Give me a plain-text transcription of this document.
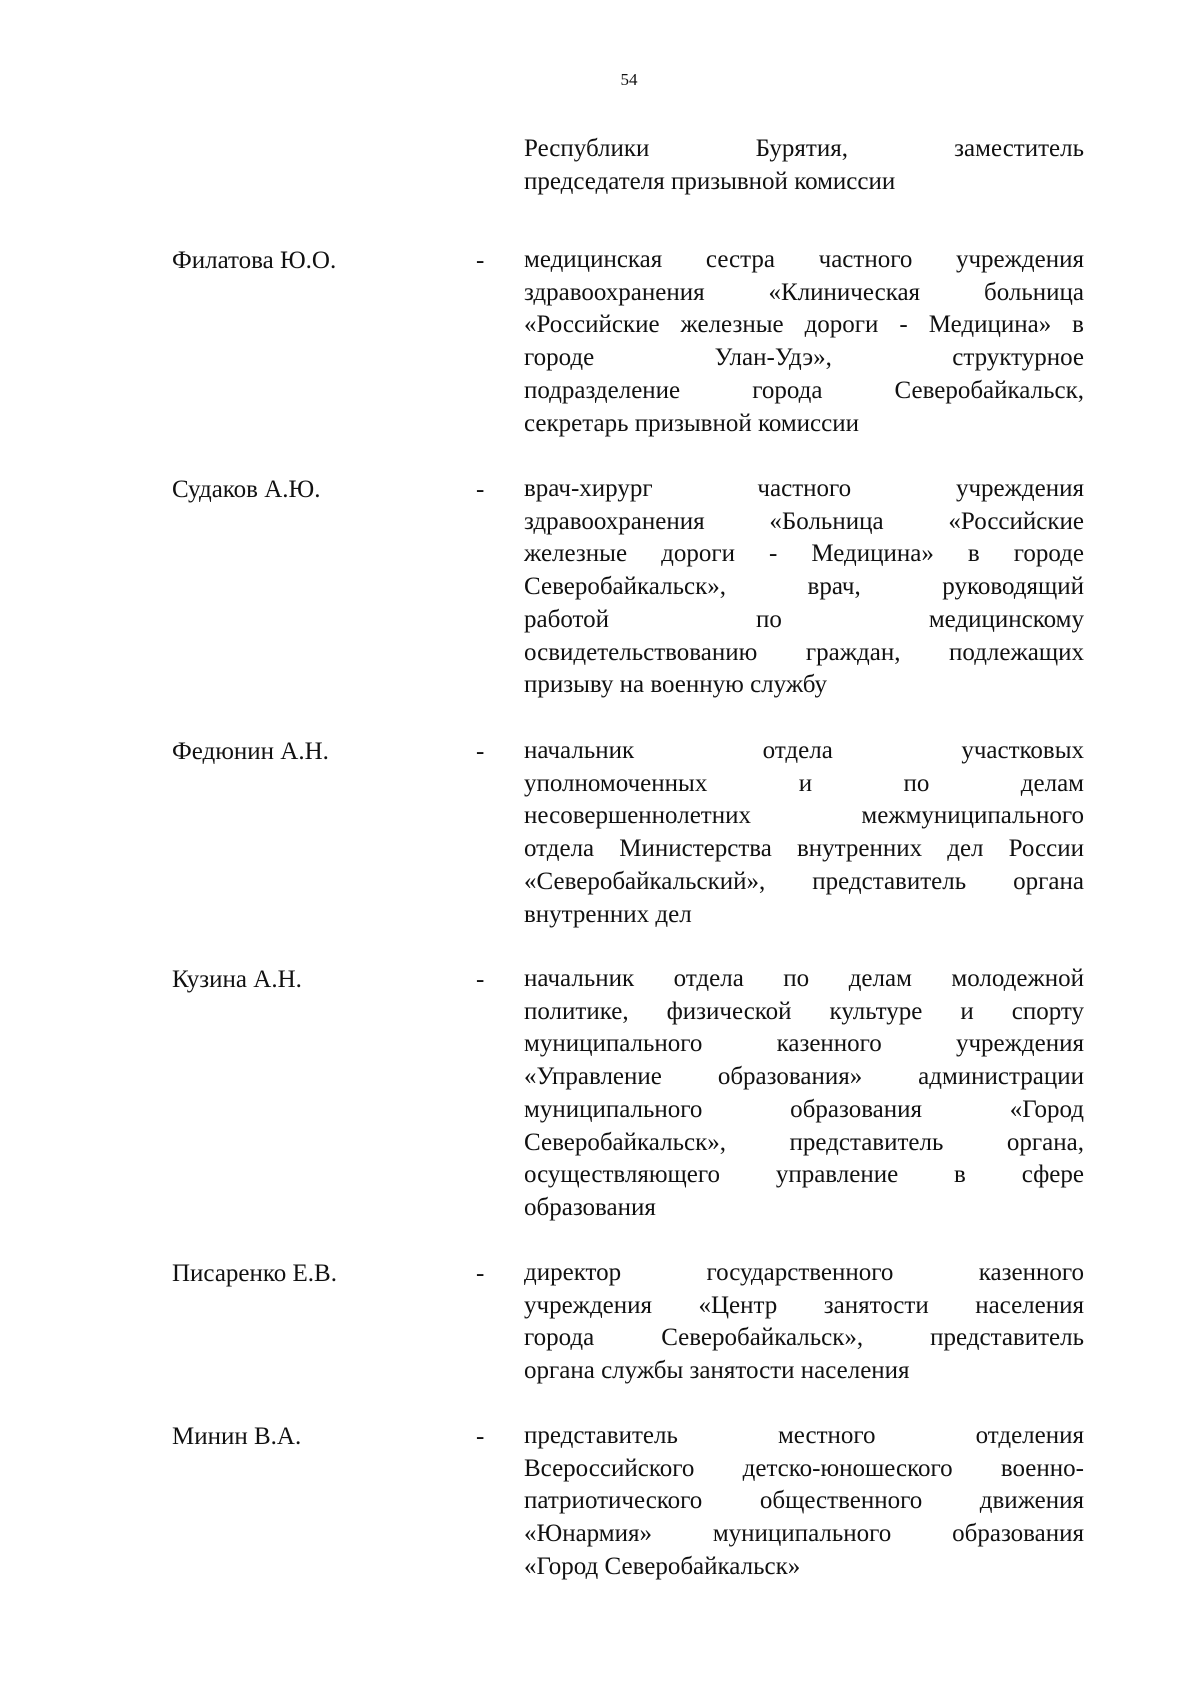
54
Республики Бурятия, заместитель
председателя призывной комиссии
Филатова Ю.О.	- медицинская сестра частного учреждения
здравоохранения «Клиническая больница
«Российские железные дороги - Медицина» в
городе Улан-Удэ», структурное
подразделение города Северобайкальск,
секретарь призывной комиссии
Судаков А.Ю.	- врач-хирург частного учреждения
здравоохранения «Больница «Российские
железные дороги - Медицина» в городе
Северобайкальск», врач, руководящий
работой по медицинскому
освидетельствованию граждан, подлежащих
призыву на военную службу
Федюнин А.Н.	- начальник отдела участковых
уполномоченных и по делам
несовершеннолетних межмуниципального
отдела Министерства внутренних дел России
«Северобайкальский», представитель органа
внутренних дел
Кузина А.Н.	- начальник отдела по делам молодежной
политике, физической культуре и спорту
муниципального казенного учреждения
«Управление образования» администрации
муниципального образования «Город
Северобайкальск», представитель органа,
осуществляющего управление в сфере
образования
Писаренко Е.В.	- директор государственного казенного
учреждения «Центр занятости населения
города Северобайкальск», представитель
органа службы занятости населения
Минин В.А.	- представитель местного отделения
Всероссийского детско-юношеского военно-
патриотического общественного движения
«Юнармия» муниципального образования
«Город Северобайкальск»
